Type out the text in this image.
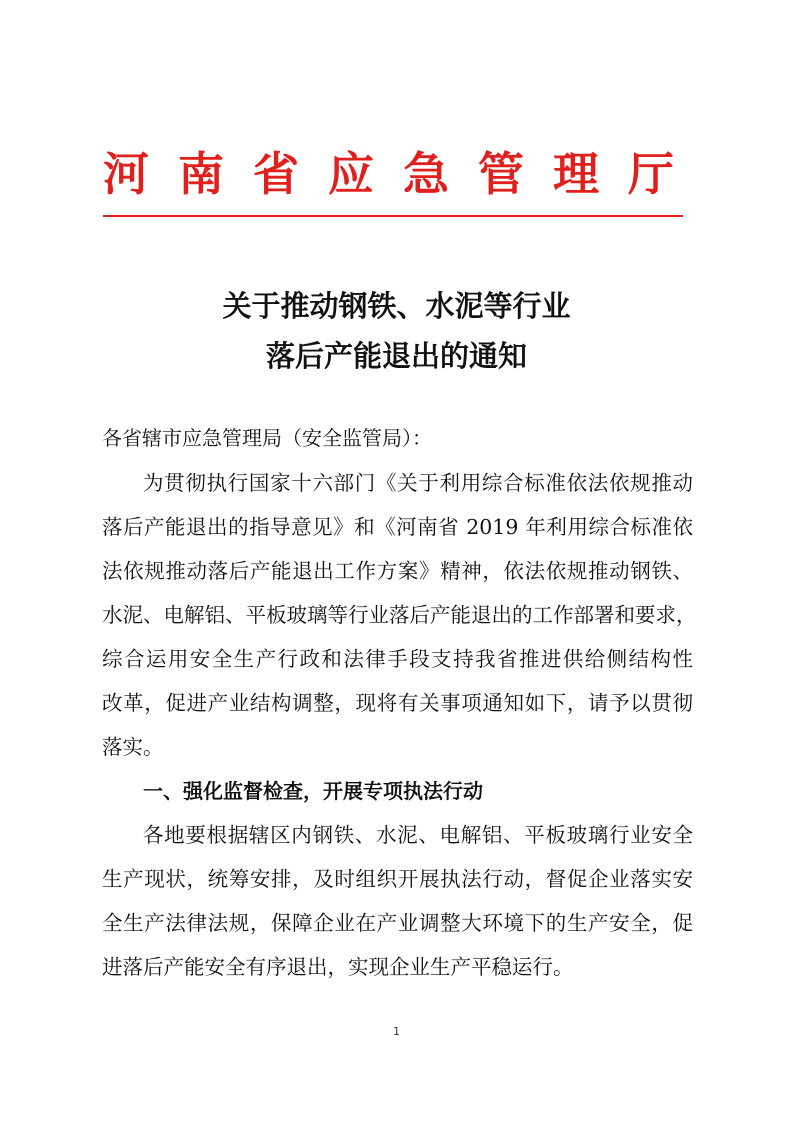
河南省应急管理厅
关于推动钢铁、水泥等行业
落后产能退出的通知
各省辖市应急管理局（安全监管局）：
为贯彻执行国家十六部门《关于利用综合标准依法依规推动
落后产能退出的指导意见》和《河南省 2019 年利用综合标准依
法依规推动落后产能退出工作方案》精神，依法依规推动钢铁、
水泥、电解铝、平板玻璃等行业落后产能退出的工作部署和要求，
综合运用安全生产行政和法律手段支持我省推进供给侧结构性
改革，促进产业结构调整，现将有关事项通知如下，请予以贯彻
落实。
一、强化监督检查，开展专项执法行动
各地要根据辖区内钢铁、水泥、电解铝、平板玻璃行业安全
生产现状，统筹安排，及时组织开展执法行动，督促企业落实安
全生产法律法规，保障企业在产业调整大环境下的生产安全，促
进落后产能安全有序退出，实现企业生产平稳运行。
1
